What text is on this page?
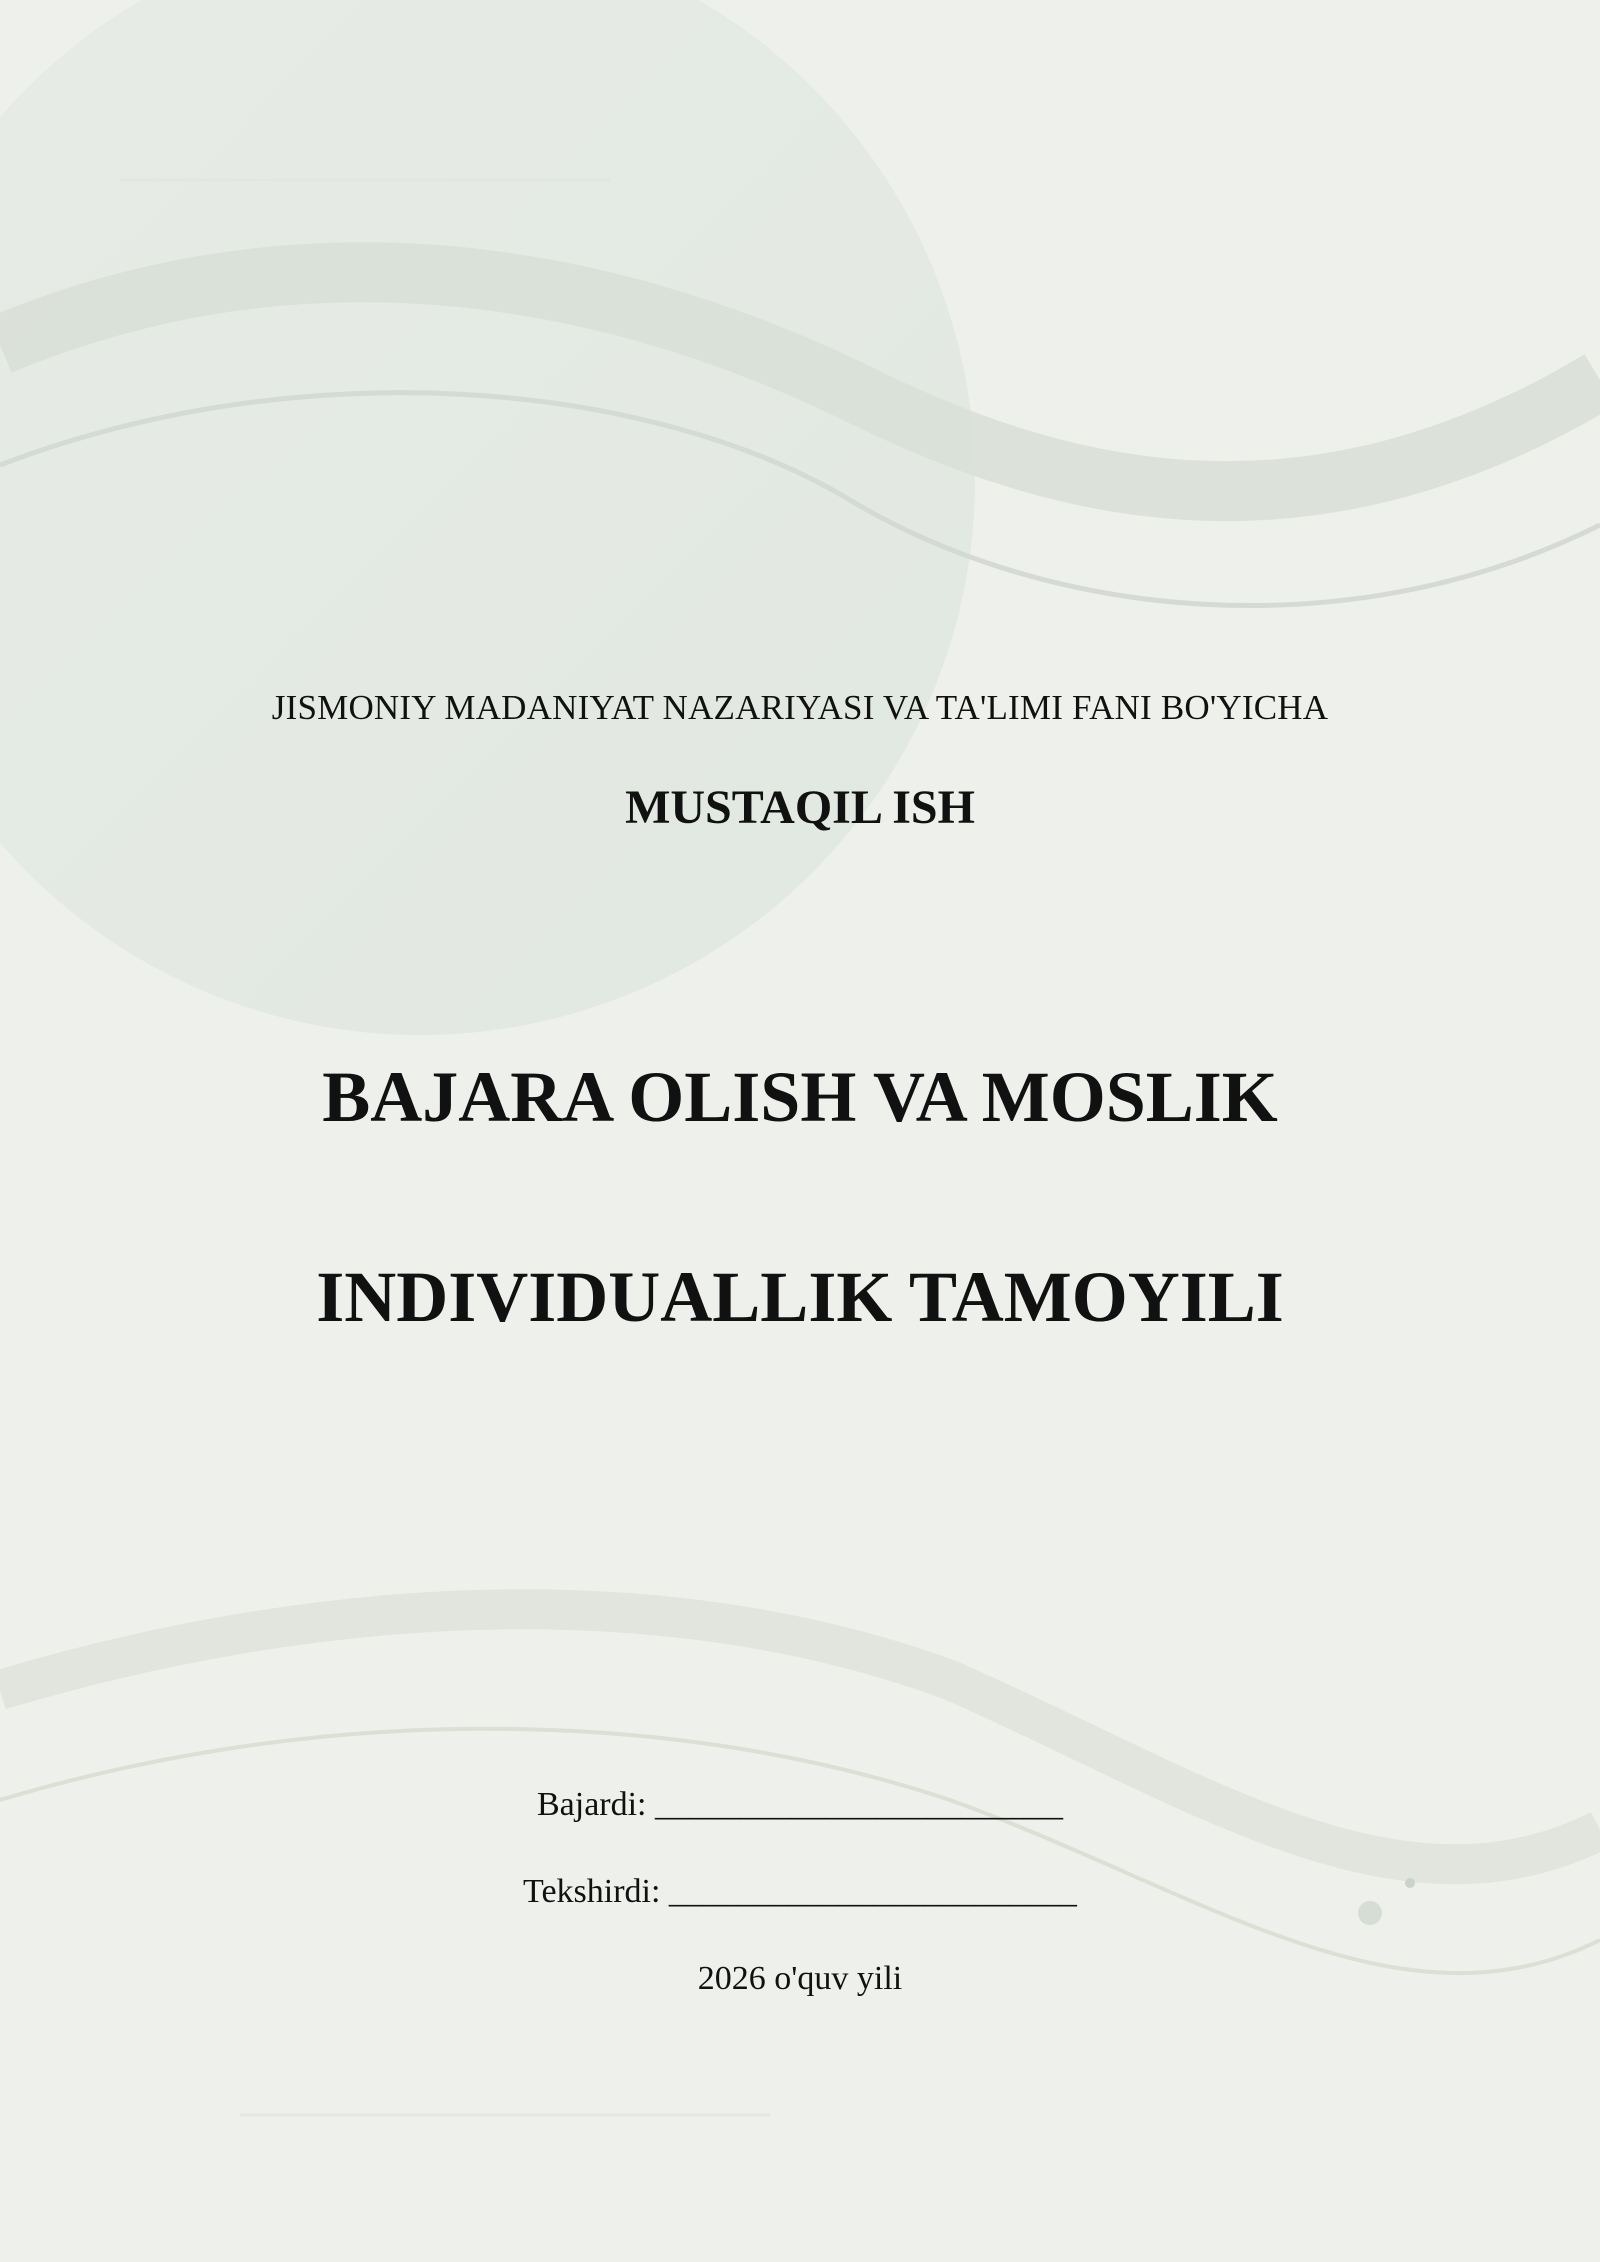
JISMONIY MADANIYAT NAZARIYASI VA TA'LIMI FANI BO'YICHA
MUSTAQIL ISH
BAJARA OLISH VA MOSLIK
INDIVIDUALLIK TAMOYILI
Bajardi: ________________________
Tekshirdi: ________________________
2026 o'quv yili
